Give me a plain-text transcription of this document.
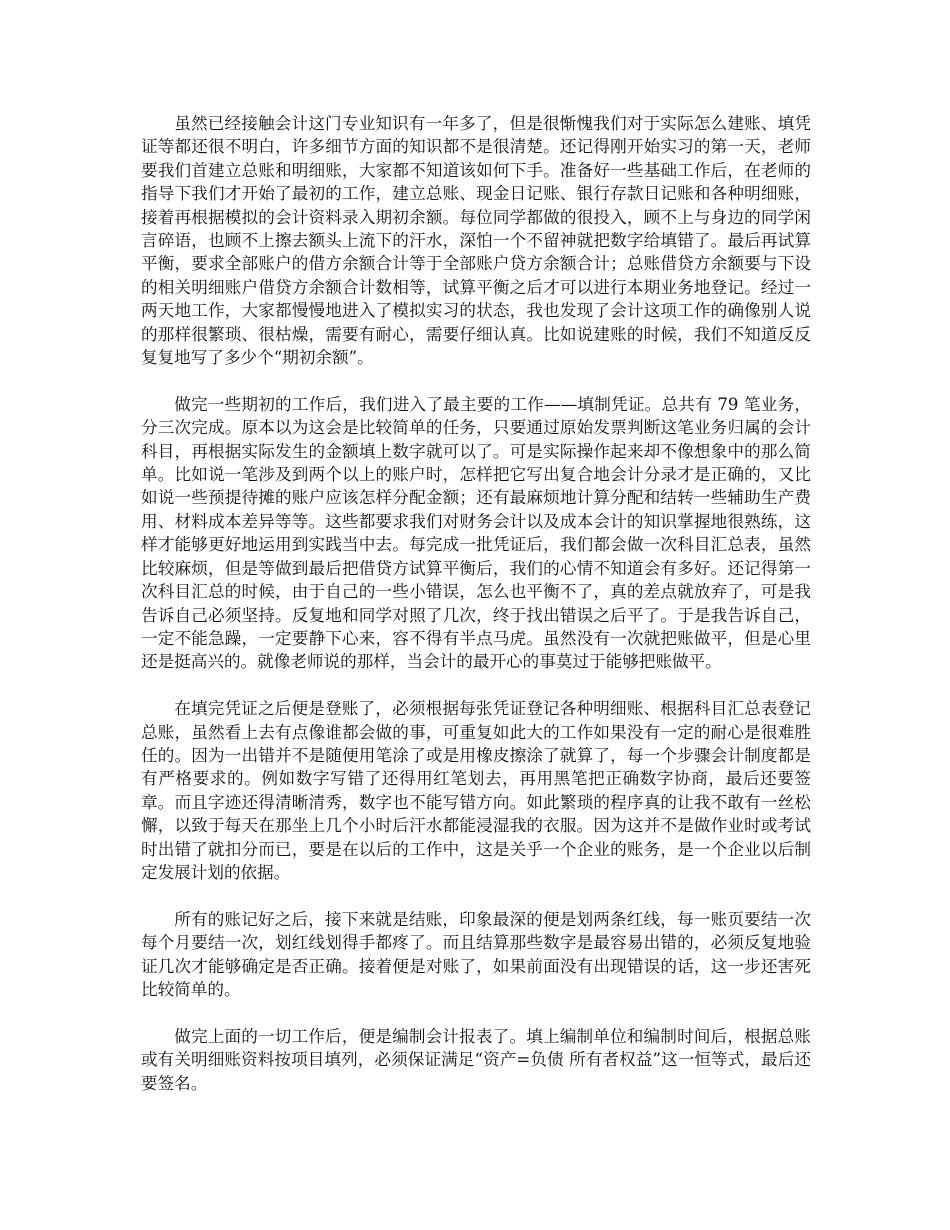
虽然已经接触会计这门专业知识有一年多了，但是很惭愧我们对于实际怎么建账、填凭证等都还很不明白，许多细节方面的知识都不是很清楚。还记得刚开始实习的第一天，老师要我们首建立总账和明细账，大家都不知道该如何下手。准备好一些基础工作后，在老师的指导下我们才开始了最初的工作，建立总账、现金日记账、银行存款日记账和各种明细账，接着再根据模拟的会计资料录入期初余额。每位同学都做的很投入，顾不上与身边的同学闲言碎语，也顾不上擦去额头上流下的汗水，深怕一个不留神就把数字给填错了。最后再试算平衡，要求全部账户的借方余额合计等于全部账户贷方余额合计；总账借贷方余额要与下设的相关明细账户借贷方余额合计数相等，试算平衡之后才可以进行本期业务地登记。经过一两天地工作，大家都慢慢地进入了模拟实习的状态，我也发现了会计这项工作的确像别人说的那样很繁琐、很枯燥，需要有耐心，需要仔细认真。比如说建账的时候，我们不知道反反复复地写了多少个“期初余额”。

做完一些期初的工作后，我们进入了最主要的工作——填制凭证。总共有 79 笔业务，分三次完成。原本以为这会是比较简单的任务，只要通过原始发票判断这笔业务归属的会计科目，再根据实际发生的金额填上数字就可以了。可是实际操作起来却不像想象中的那么简单。比如说一笔涉及到两个以上的账户时，怎样把它写出复合地会计分录才是正确的，又比如说一些预提待摊的账户应该怎样分配金额；还有最麻烦地计算分配和结转一些辅助生产费用、材料成本差异等等。这些都要求我们对财务会计以及成本会计的知识掌握地很熟练，这样才能够更好地运用到实践当中去。每完成一批凭证后，我们都会做一次科目汇总表，虽然比较麻烦，但是等做到最后把借贷方试算平衡后，我们的心情不知道会有多好。还记得第一次科目汇总的时候，由于自己的一些小错误，怎么也平衡不了，真的差点就放弃了，可是我告诉自己必须坚持。反复地和同学对照了几次，终于找出错误之后平了。于是我告诉自己，一定不能急躁，一定要静下心来，容不得有半点马虎。虽然没有一次就把账做平，但是心里还是挺高兴的。就像老师说的那样，当会计的最开心的事莫过于能够把账做平。

在填完凭证之后便是登账了，必须根据每张凭证登记各种明细账、根据科目汇总表登记总账，虽然看上去有点像谁都会做的事，可重复如此大的工作如果没有一定的耐心是很难胜任的。因为一出错并不是随便用笔涂了或是用橡皮擦涂了就算了，每一个步骤会计制度都是有严格要求的。例如数字写错了还得用红笔划去，再用黑笔把正确数字协商，最后还要签章。而且字迹还得清晰清秀，数字也不能写错方向。如此繁琐的程序真的让我不敢有一丝松懈，以致于每天在那坐上几个小时后汗水都能浸湿我的衣服。因为这并不是做作业时或考试时出错了就扣分而已，要是在以后的工作中，这是关乎一个企业的账务，是一个企业以后制定发展计划的依据。

所有的账记好之后，接下来就是结账，印象最深的便是划两条红线，每一账页要结一次每个月要结一次，划红线划得手都疼了。而且结算那些数字是最容易出错的，必须反复地验证几次才能够确定是否正确。接着便是对账了，如果前面没有出现错误的话，这一步还害死比较简单的。

做完上面的一切工作后，便是编制会计报表了。填上编制单位和编制时间后，根据总账或有关明细账资料按项目填列，必须保证满足“资产=负债 所有者权益”这一恒等式，最后还要签名。
